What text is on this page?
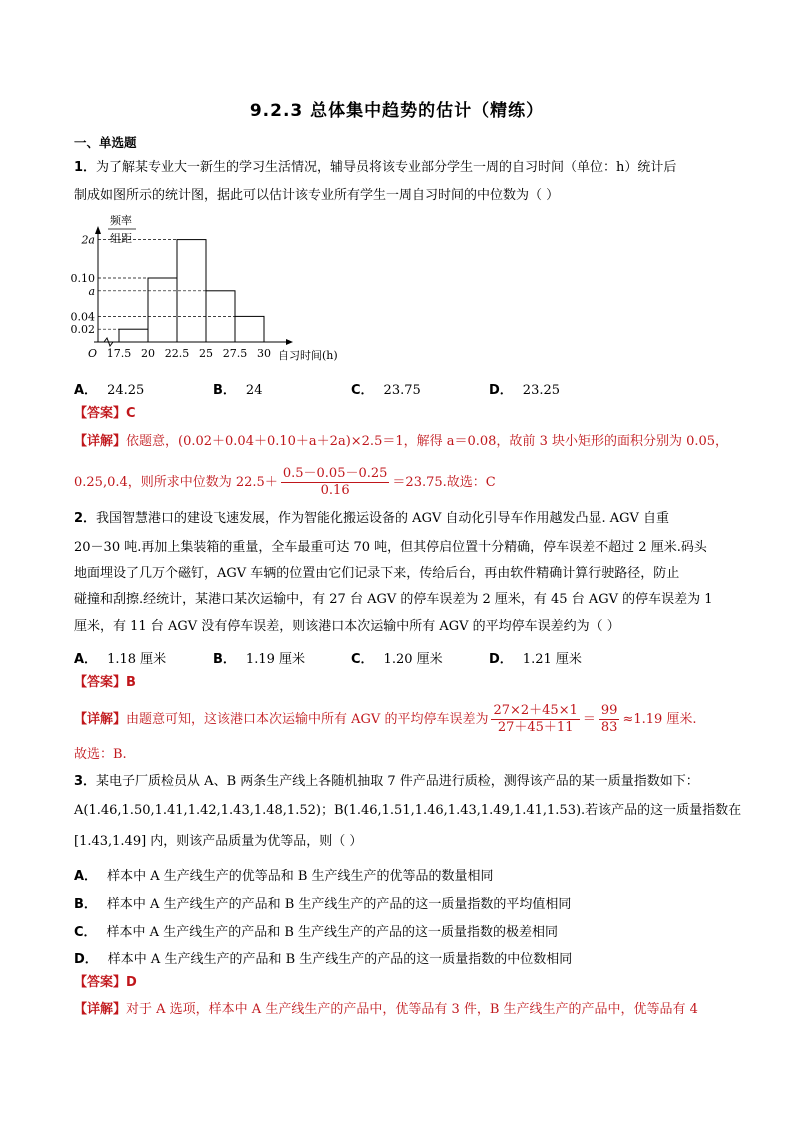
9.2.3 总体集中趋势的估计（精练）
一、单选题
1．为了解某专业大一新生的学习生活情况，辅导员将该专业部分学生一周的自习时间（单位：h）统计后
制成如图所示的统计图，据此可以估计该专业所有学生一周自习时间的中位数为（ ）
频率
组距
自习时间(h)
O
0.02
0.04
a
0.10
2a
17.5 20 22.5 25 27.5 30
A． 24.25	B． 24	C． 23.75	D． 23.25
【答案】C
【详解】依题意，(0.02＋0.04＋0.10＋a＋2a)×2.5＝1，解得 a＝0.08，故前 3 块小矩形的面积分别为 0.05，
0.25,0.4，则所求中位数为 $22.5+ \frac{0.5-0.05-0.25}{0.16} =23.75$.故选：C
2．我国智慧港口的建设飞速发展，作为智能化搬运设备的 AGV 自动化引导车作用越发凸显. AGV 自重
20－30 吨.再加上集装箱的重量，全车最重可达 70 吨，但其停启位置十分精确，停车误差不超过 2 厘米.码头
地面埋设了几万个磁钉，AGV 车辆的位置由它们记录下来，传给后台，再由软件精确计算行驶路径，防止
碰撞和刮擦.经统计，某港口某次运输中，有 27 台 AGV 的停车误差为 2 厘米，有 45 台 AGV 的停车误差为 1
厘米，有 11 台 AGV 没有停车误差，则该港口本次运输中所有 AGV 的平均停车误差约为（ ）
A． 1.18 厘米	B． 1.19 厘米	C． 1.20 厘米	D． 1.21 厘米
【答案】B
【详解】由题意可知，这该港口本次运输中所有 AGV 的平均停车误差为 $\frac{27\times 2+45\times 1}{27+45+11} = \frac{99}{83} \approx 1.19$ 厘米.
故选：B.
3．某电子厂质检员从 A、B 两条生产线上各随机抽取 7 件产品进行质检，测得该产品的某一质量指数如下：
A(1.46,1.50,1.41,1.42,1.43,1.48,1.52)；B(1.46,1.51,1.46,1.43,1.49,1.41,1.53).若该产品的这一质量指数在
[1.43,1.49] 内，则该产品质量为优等品，则（ ）
A． 样本中 A 生产线生产的优等品和 B 生产线生产的优等品的数量相同
B． 样本中 A 生产线生产的产品和 B 生产线生产的产品的这一质量指数的平均值相同
C． 样本中 A 生产线生产的产品和 B 生产线生产的产品的这一质量指数的极差相同
D． 样本中 A 生产线生产的产品和 B 生产线生产的产品的这一质量指数的中位数相同
【答案】D
【详解】对于 A 选项，样本中 A 生产线生产的产品中，优等品有 3 件，B 生产线生产的产品中，优等品有 4
